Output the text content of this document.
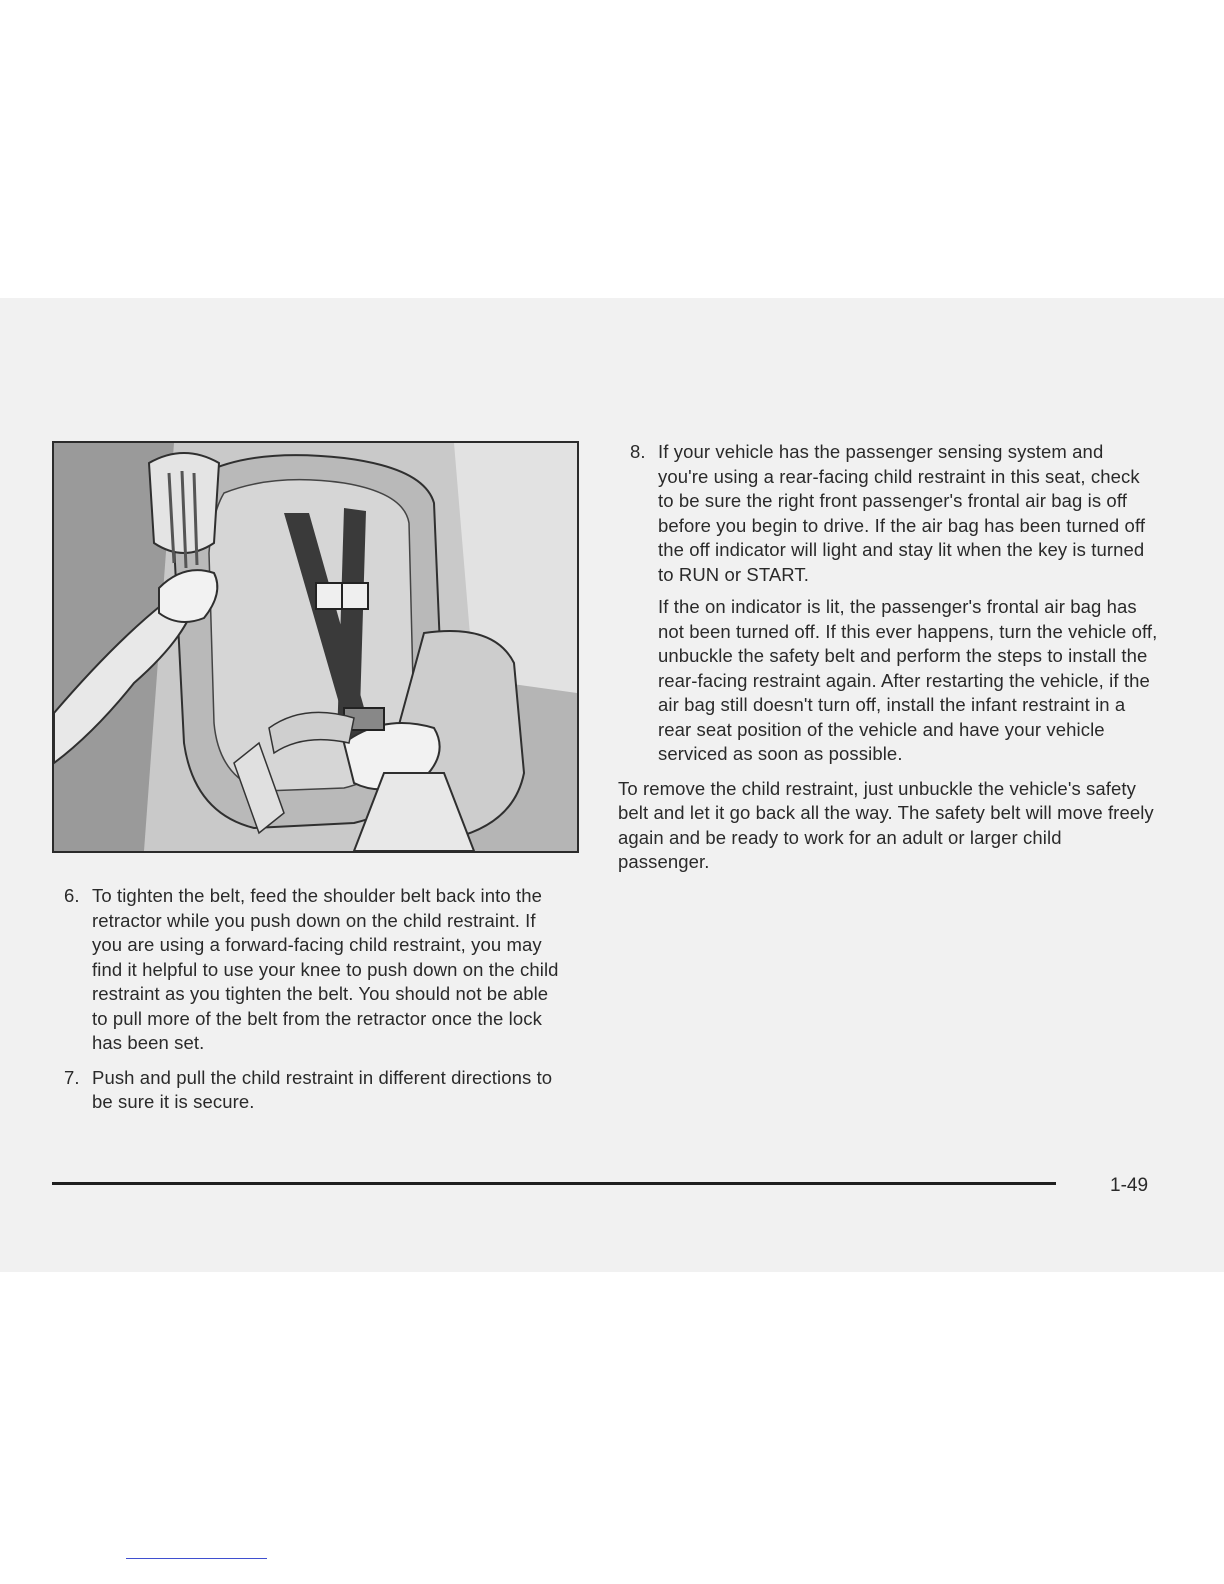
6. To tighten the belt, feed the shoulder belt back into the retractor while you push down on the child restraint. If you are using a forward-facing child restraint, you may find it helpful to use your knee to push down on the child restraint as you tighten the belt. You should not be able to pull more of the belt from the retractor once the lock has been set.

7. Push and pull the child restraint in different directions to be sure it is secure.

8. If your vehicle has the passenger sensing system and you're using a rear-facing child restraint in this seat, check to be sure the right front passenger's frontal air bag is off before you begin to drive. If the air bag has been turned off the off indicator will light and stay lit when the key is turned to RUN or START.

If the on indicator is lit, the passenger's frontal air bag has not been turned off. If this ever happens, turn the vehicle off, unbuckle the safety belt and perform the steps to install the rear-facing restraint again. After restarting the vehicle, if the air bag still doesn't turn off, install the infant restraint in a rear seat position of the vehicle and have your vehicle serviced as soon as possible.

To remove the child restraint, just unbuckle the vehicle's safety belt and let it go back all the way. The safety belt will move freely again and be ready to work for an adult or larger child passenger.

1-49
